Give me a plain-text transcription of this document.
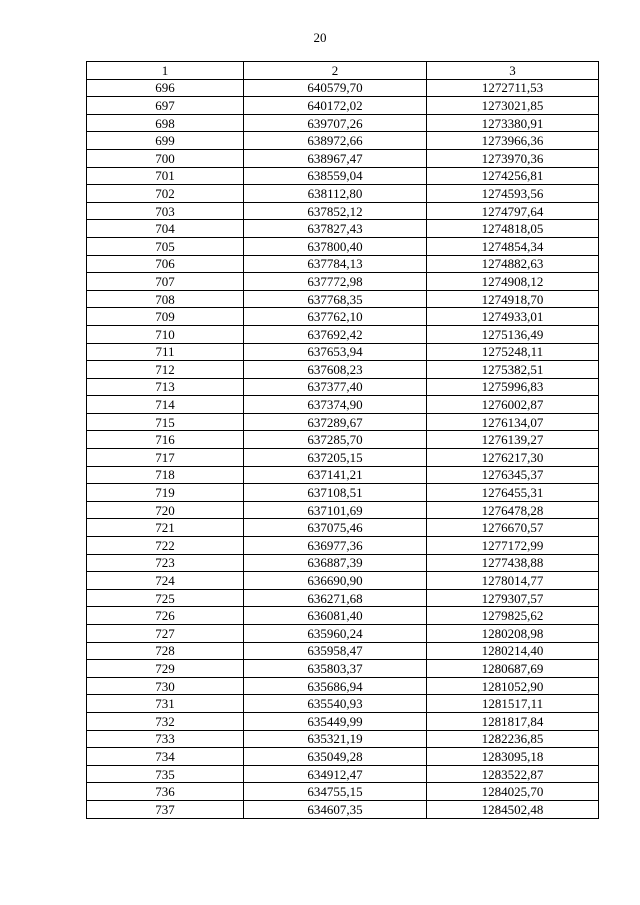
20
1	2	3
696	640579,70	1272711,53
697	640172,02	1273021,85
698	639707,26	1273380,91
699	638972,66	1273966,36
700	638967,47	1273970,36
701	638559,04	1274256,81
702	638112,80	1274593,56
703	637852,12	1274797,64
704	637827,43	1274818,05
705	637800,40	1274854,34
706	637784,13	1274882,63
707	637772,98	1274908,12
708	637768,35	1274918,70
709	637762,10	1274933,01
710	637692,42	1275136,49
711	637653,94	1275248,11
712	637608,23	1275382,51
713	637377,40	1275996,83
714	637374,90	1276002,87
715	637289,67	1276134,07
716	637285,70	1276139,27
717	637205,15	1276217,30
718	637141,21	1276345,37
719	637108,51	1276455,31
720	637101,69	1276478,28
721	637075,46	1276670,57
722	636977,36	1277172,99
723	636887,39	1277438,88
724	636690,90	1278014,77
725	636271,68	1279307,57
726	636081,40	1279825,62
727	635960,24	1280208,98
728	635958,47	1280214,40
729	635803,37	1280687,69
730	635686,94	1281052,90
731	635540,93	1281517,11
732	635449,99	1281817,84
733	635321,19	1282236,85
734	635049,28	1283095,18
735	634912,47	1283522,87
736	634755,15	1284025,70
737	634607,35	1284502,48
